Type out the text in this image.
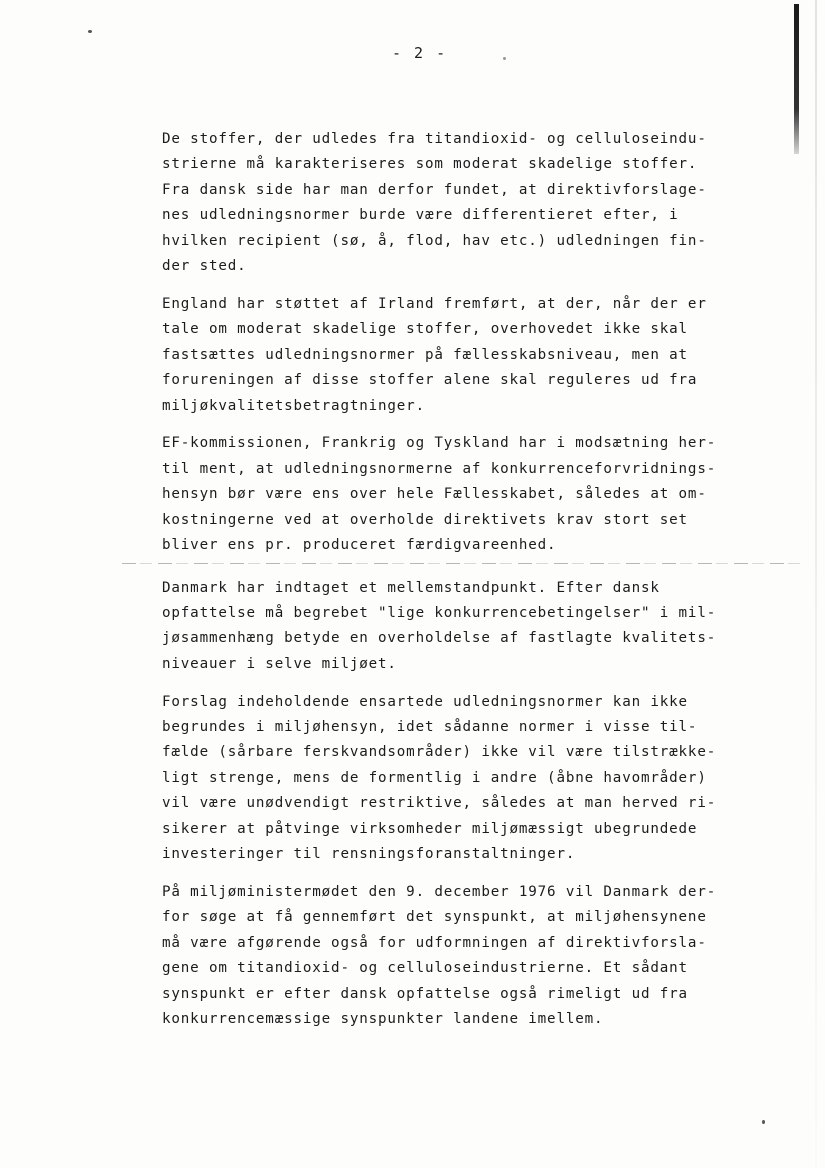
- 2 -
De stoffer, der udledes fra titandioxid- og celluloseindu-
strierne må karakteriseres som moderat skadelige stoffer.
Fra dansk side har man derfor fundet, at direktivforslage-
nes udledningsnormer burde være differentieret efter, i
hvilken recipient (sø, å, flod, hav etc.) udledningen fin-
der sted.
England har støttet af Irland fremført, at der, når der er
tale om moderat skadelige stoffer, overhovedet ikke skal
fastsættes udledningsnormer på fællesskabsniveau, men at
forureningen af disse stoffer alene skal reguleres ud fra
miljøkvalitetsbetragtninger.
EF-kommissionen, Frankrig og Tyskland har i modsætning her-
til ment, at udledningsnormerne af konkurrenceforvridnings-
hensyn bør være ens over hele Fællesskabet, således at om-
kostningerne ved at overholde direktivets krav stort set
bliver ens pr. produceret færdigvareenhed.
Danmark har indtaget et mellemstandpunkt. Efter dansk
opfattelse må begrebet "lige konkurrencebetingelser" i mil-
jøsammenhæng betyde en overholdelse af fastlagte kvalitets-
niveauer i selve miljøet.
Forslag indeholdende ensartede udledningsnormer kan ikke
begrundes i miljøhensyn, idet sådanne normer i visse til-
fælde (sårbare ferskvandsområder) ikke vil være tilstrække-
ligt strenge, mens de formentlig i andre (åbne havområder)
vil være unødvendigt restriktive, således at man herved ri-
sikerer at påtvinge virksomheder miljømæssigt ubegrundede
investeringer til rensningsforanstaltninger.
På miljøministermødet den 9. december 1976 vil Danmark der-
for søge at få gennemført det synspunkt, at miljøhensynene
må være afgørende også for udformningen af direktivforsla-
gene om titandioxid- og celluloseindustrierne. Et sådant
synspunkt er efter dansk opfattelse også rimeligt ud fra
konkurrencemæssige synspunkter landene imellem.
